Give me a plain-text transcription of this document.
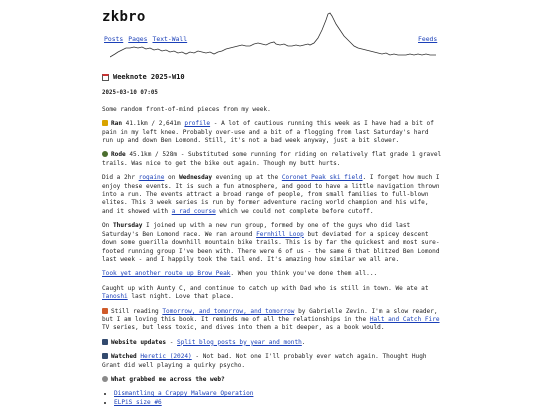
zkbro
Posts Pages Text-Wall	Feeds
Weeknote 2025-W10
2025-03-10 07:05

Some random front-of-mind pieces from my week.

Ran 41.1km / 2,641m profile - A lot of cautious running this week as I have had a bit of pain in my left knee. Probably over-use and a bit of a flogging from last Saturday's hard run up and down Ben Lomond. Still, it's not a bad week anyway, just a bit slower.

Rode 45.1km / 528m - Substituted some running for riding on relatively flat grade 1 gravel trails. Was nice to get the bike out again. Though my butt hurts.

Did a 2hr rogaine on Wednesday evening up at the Coronet Peak ski field. I forget how much I enjoy these events. It is such a fun atmosphere, and good to have a little navigation thrown into a run. The events attract a broad range of people, from small families to full-blown elites. This 3 week series is run by former adventure racing world champion and his wife, and it showed with a rad course which we could not complete before cutoff.

On Thursday I joined up with a new run group, formed by one of the guys who did last Saturday's Ben Lomond race. We ran around Fernhill Loop but deviated for a spicey descent down some guerilla downhill mountain bike trails. This is by far the quickest and most sure-footed running group I've been with. There were 6 of us - the same 6 that blitzed Ben Lomond last week - and I happily took the tail end. It's amazing how similar we all are.

Took yet another route up Brow Peak. When you think you've done them all...

Caught up with Aunty C, and continue to catch up with Dad who is still in town. We ate at Tanoshi last night. Love that place.

Still reading Tomorrow, and tomorrow, and tomorrow by Gabrielle Zevin. I'm a slow reader, but I am loving this book. It reminds me of all the relationships in the Halt and Catch Fire TV series, but less toxic, and dives into them a bit deeper, as a book would.

Website updates - Split blog posts by year and month.

Watched Heretic (2024) - Not bad. Not one I'll probably ever watch again. Thought Hugh Grant did well playing a quirky psycho.

What grabbed me across the web?

• Dismantling a Crappy Malware Operation
• ELPiS size #6
